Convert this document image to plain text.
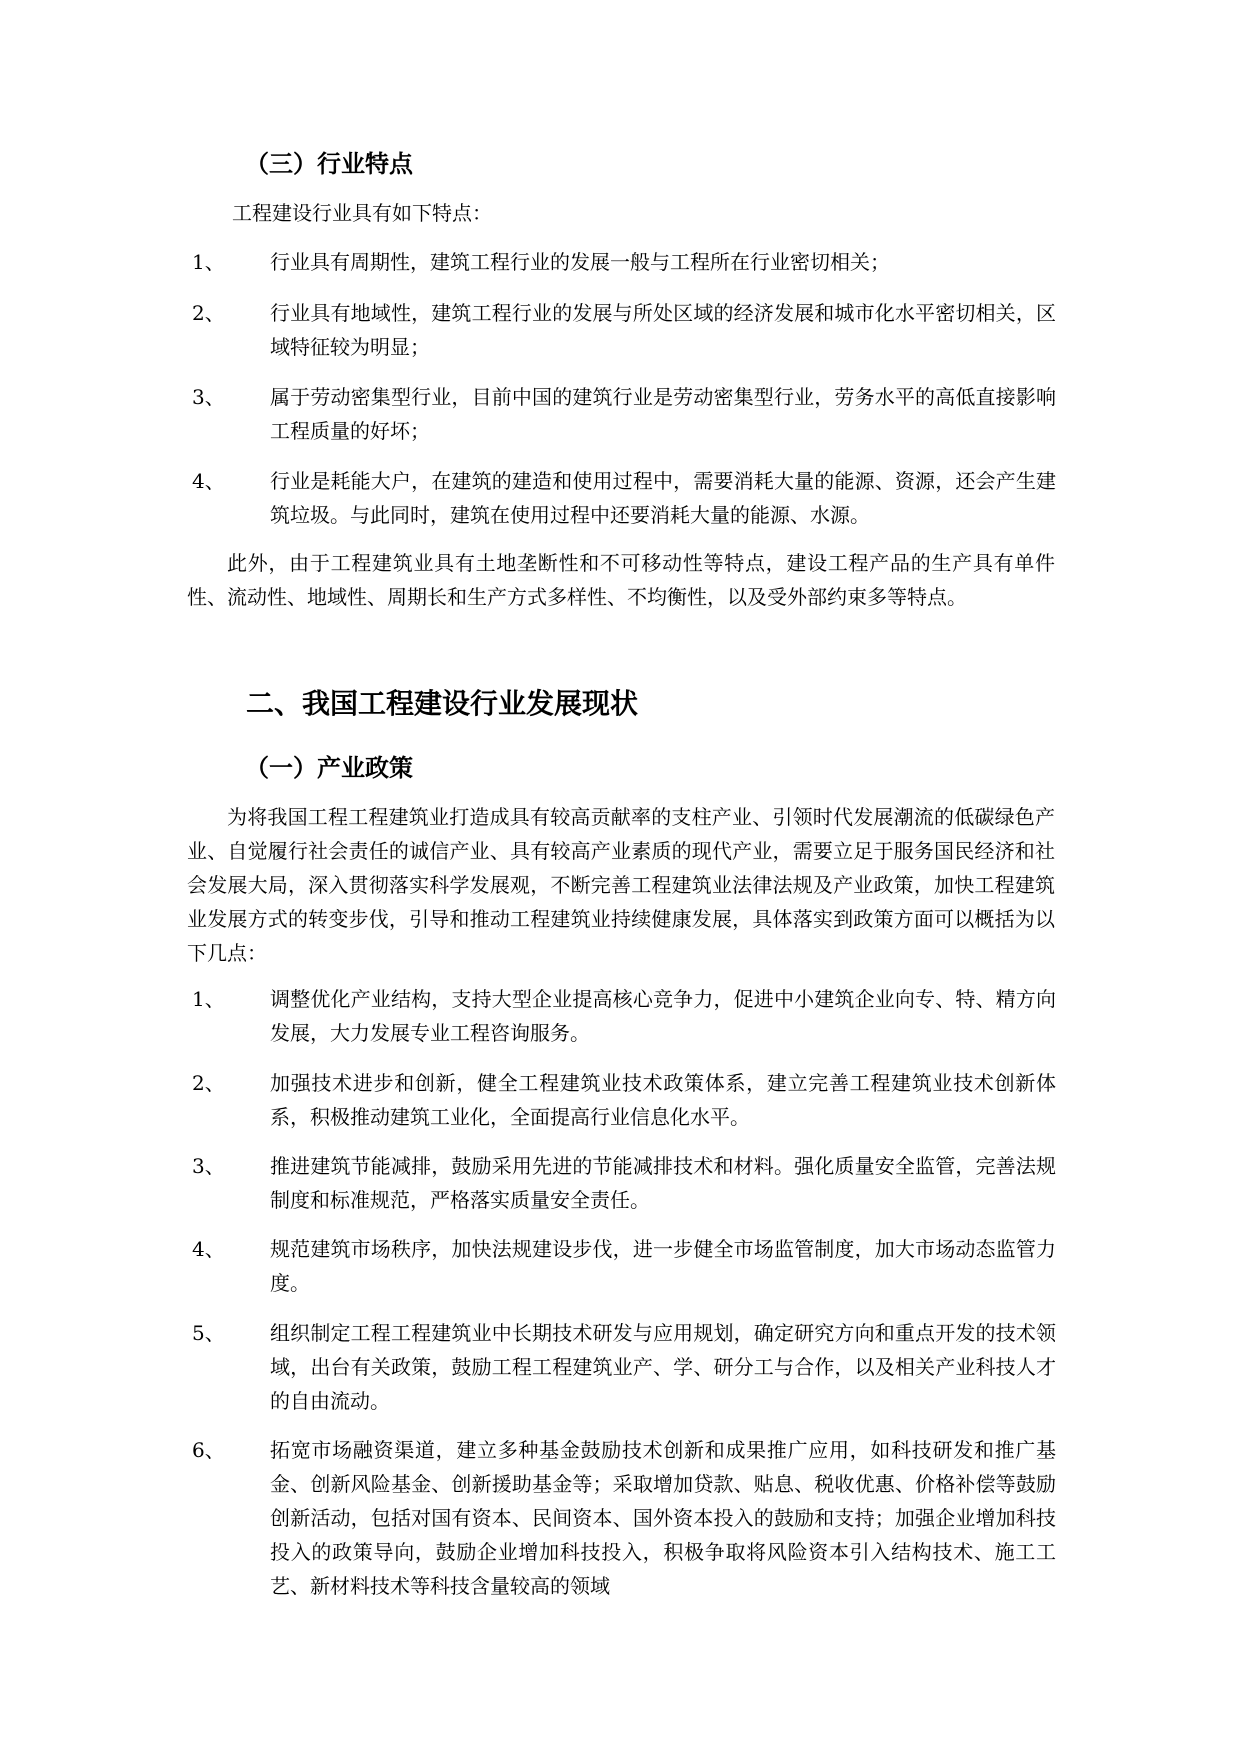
（三）行业特点
工程建设行业具有如下特点：
1、	行业具有周期性，建筑工程行业的发展一般与工程所在行业密切相关；
2、	行业具有地域性，建筑工程行业的发展与所处区域的经济发展和城市化水平密切相关，区域特征较为明显；
3、	属于劳动密集型行业，目前中国的建筑行业是劳动密集型行业，劳务水平的高低直接影响工程质量的好坏；
4、	行业是耗能大户，在建筑的建造和使用过程中，需要消耗大量的能源、资源，还会产生建筑垃圾。与此同时，建筑在使用过程中还要消耗大量的能源、水源。
此外，由于工程建筑业具有土地垄断性和不可移动性等特点，建设工程产品的生产具有单件性、流动性、地域性、周期长和生产方式多样性、不均衡性，以及受外部约束多等特点。
二、我国工程建设行业发展现状
（一）产业政策
为将我国工程工程建筑业打造成具有较高贡献率的支柱产业、引领时代发展潮流的低碳绿色产业、自觉履行社会责任的诚信产业、具有较高产业素质的现代产业，需要立足于服务国民经济和社会发展大局，深入贯彻落实科学发展观，不断完善工程建筑业法律法规及产业政策，加快工程建筑业发展方式的转变步伐，引导和推动工程建筑业持续健康发展，具体落实到政策方面可以概括为以下几点：
1、	调整优化产业结构，支持大型企业提高核心竞争力，促进中小建筑企业向专、特、精方向发展，大力发展专业工程咨询服务。
2、	加强技术进步和创新，健全工程建筑业技术政策体系，建立完善工程建筑业技术创新体系，积极推动建筑工业化，全面提高行业信息化水平。
3、	推进建筑节能减排，鼓励采用先进的节能减排技术和材料。强化质量安全监管，完善法规制度和标准规范，严格落实质量安全责任。
4、	规范建筑市场秩序，加快法规建设步伐，进一步健全市场监管制度，加大市场动态监管力度。
5、	组织制定工程工程建筑业中长期技术研发与应用规划，确定研究方向和重点开发的技术领域，出台有关政策，鼓励工程工程建筑业产、学、研分工与合作，以及相关产业科技人才的自由流动。
6、	拓宽市场融资渠道，建立多种基金鼓励技术创新和成果推广应用，如科技研发和推广基金、创新风险基金、创新援助基金等；采取增加贷款、贴息、税收优惠、价格补偿等鼓励创新活动，包括对国有资本、民间资本、国外资本投入的鼓励和支持；加强企业增加科技投入的政策导向，鼓励企业增加科技投入，积极争取将风险资本引入结构技术、施工工艺、新材料技术等科技含量较高的领域
